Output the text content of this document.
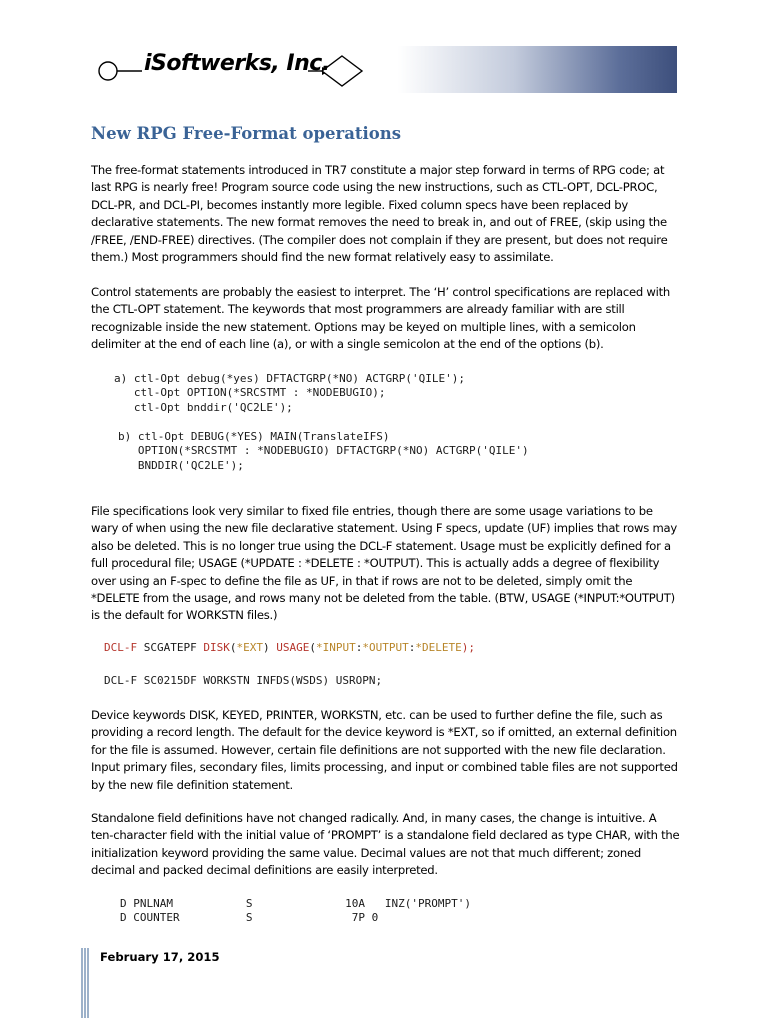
iSoftwerks, Inc.
New RPG Free-Format operations

The free-format statements introduced in TR7 constitute a major step forward in terms of RPG code; at last RPG is nearly free! Program source code using the new instructions, such as CTL-OPT, DCL-PROC, DCL-PR, and DCL-PI, becomes instantly more legible. Fixed column specs have been replaced by declarative statements. The new format removes the need to break in, and out of FREE, (skip using the /FREE, /END-FREE) directives. (The compiler does not complain if they are present, but does not require them.) Most programmers should find the new format relatively easy to assimilate.

Control statements are probably the easiest to interpret. The ‘H’ control specifications are replaced with the CTL-OPT statement. The keywords that most programmers are already familiar with are still recognizable inside the new statement. Options may be keyed on multiple lines, with a semicolon delimiter at the end of each line (a), or with a single semicolon at the end of the options (b).

a) ctl-Opt debug(*yes) DFTACTGRP(*NO) ACTGRP('QILE');
ctl-Opt OPTION(*SRCSTMT : *NODEBUGIO);
ctl-Opt bnddir('QC2LE');
b) ctl-Opt DEBUG(*YES) MAIN(TranslateIFS)
OPTION(*SRCSTMT : *NODEBUGIO) DFTACTGRP(*NO) ACTGRP('QILE')
BNDDIR('QC2LE');

File specifications look very similar to fixed file entries, though there are some usage variations to be wary of when using the new file declarative statement. Using F specs, update (UF) implies that rows may also be deleted. This is no longer true using the DCL-F statement. Usage must be explicitly defined for a full procedural file; USAGE (*UPDATE : *DELETE : *OUTPUT). This is actually adds a degree of flexibility over using an F-spec to define the file as UF, in that if rows are not to be deleted, simply omit the *DELETE from the usage, and rows many not be deleted from the table. (BTW, USAGE (*INPUT:*OUTPUT) is the default for WORKSTN files.)

DCL-F SCGATEPF DISK(*EXT) USAGE(*INPUT:*OUTPUT:*DELETE);
DCL-F SC0215DF WORKSTN INFDS(WSDS) USROPN;

Device keywords DISK, KEYED, PRINTER, WORKSTN, etc. can be used to further define the file, such as providing a record length. The default for the device keyword is *EXT, so if omitted, an external definition for the file is assumed. However, certain file definitions are not supported with the new file declaration. Input primary files, secondary files, limits processing, and input or combined table files are not supported by the new file definition statement.

Standalone field definitions have not changed radically. And, in many cases, the change is intuitive. A ten-character field with the initial value of ‘PROMPT’ is a standalone field declared as type CHAR, with the initialization keyword providing the same value. Decimal values are not that much different; zoned decimal and packed decimal definitions are easily interpreted.

D PNLNAM           S              10A   INZ('PROMPT')
D COUNTER          S               7P 0
February 17, 2015
